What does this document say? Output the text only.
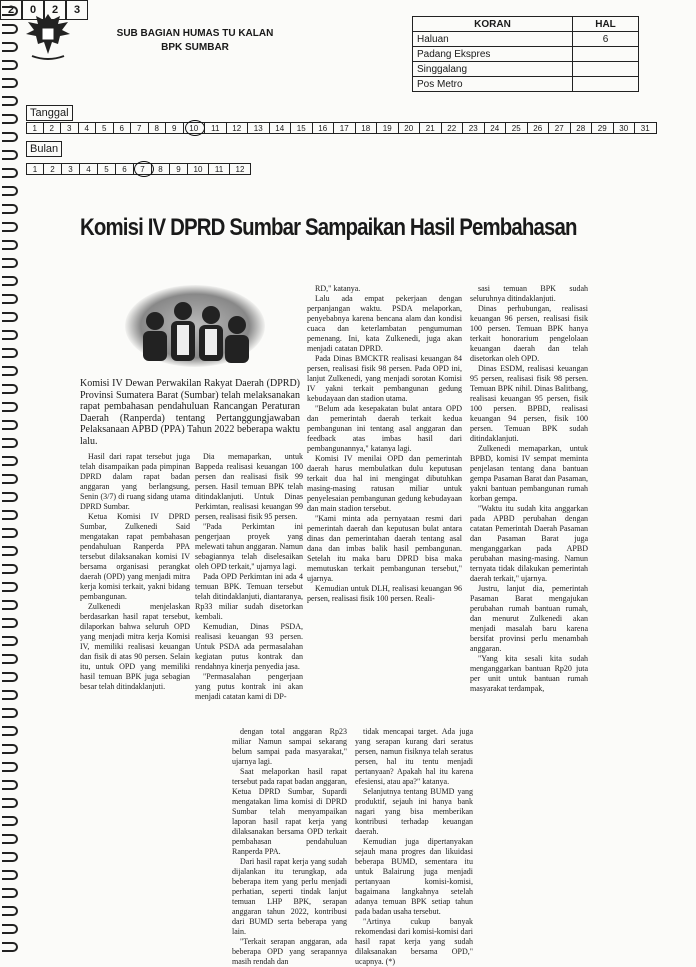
SUB BAGIAN HUMAS TU KALAN
BPK SUMBAR
2	0	2	3
KORAN	HAL
Haluan	6
Padang Ekspres	
Singgalang	
Pos Metro	
Tanggal
1	2	3	4	5	6	7	8	9	10	11	12	13	14	15	16	17	18	19	20	21	22	23	24	25	26	27	28	29	30	31
Bulan
1	2	3	4	5	6	7	8	9	10	11	12
Komisi IV DPRD Sumbar Sampaikan Hasil Pembahasan
Komisi IV Dewan Perwakilan Rakyat Daerah (DPRD) Provinsi Sumatera Barat (Sumbar) telah melaksanakan rapat pembahasan pendahuluan Rancangan Peraturan Daerah (Ranperda) tentang Pertanggungjawaban Pelaksanaan APBD (PPA) Tahun 2022 beberapa waktu lalu.

Hasil dari rapat tersebut juga telah disampaikan pada pimpinan DPRD dalam rapat badan anggaran yang berlangsung, Senin (3/7) di ruang sidang utama DPRD Sumbar.

Ketua Komisi IV DPRD Sumbar, Zulkenedi Said mengatakan rapat pembahasan pendahuluan Ranperda PPA tersebut dilaksanakan komisi IV bersama organisasi perangkat daerah (OPD) yang menjadi mitra kerja komisi terkait, yakni bidang pembangunan.

Zulkenedi menjelaskan berdasarkan hasil rapat tersebut, dilaporkan bahwa seluruh OPD yang menjadi mitra kerja Komisi IV, memiliki realisasi keuangan dan fisik di atas 90 persen. Selain itu, untuk OPD yang memiliki hasil temuan BPK juga sebagian besar telah ditindaklanjuti.

Dia memaparkan, untuk Bappeda realisasi keuangan 100 persen dan realisasi fisik 99 persen. Hasil temuan BPK telah ditindaklanjuti. Untuk Dinas Perkimtan, realisasi keuangan 99 persen, realisasi fisik 95 persen.

"Pada Perkimtan ini pengerjaan proyek yang melewati tahun anggaran. Namun sebagiannya telah diselesaikan oleh OPD terkait," ujarnya lagi.

Pada OPD Perkimtan ini ada 4 temuan BPK. Temuan tersebut telah ditindaklanjuti, diantaranya, Rp33 miliar sudah disetorkan kembali.

Kemudian, Dinas PSDA, realisasi keuangan 93 persen. Untuk PSDA ada permasalahan kegiatan putus kontrak dan rendahnya kinerja penyedia jasa.

"Permasalahan pengerjaan yang putus kontrak ini akan menjadi catatan kami di DP-

RD," katanya.

Lalu ada empat pekerjaan dengan perpanjangan waktu. PSDA melaporkan, penyebabnya karena bencana alam dan kondisi cuaca dan keterlambatan pengumuman pemenang. Ini, kata Zulkenedi, juga akan menjadi catatan DPRD.

Pada Dinas BMCKTR realisasi keuangan 84 persen, realisasi fisik 98 persen. Pada OPD ini, lanjut Zulkenedi, yang menjadi sorotan Komisi IV yakni terkait pembangunan gedung kebudayaan dan stadion utama.

"Belum ada kesepakatan bulat antara OPD dan pemerintah daerah terkait kedua pembangunan ini tentang asal anggaran dan feedback atas imbas hasil dari pembangunannya," katanya lagi.

Komisi IV menilai OPD dan pemerintah daerah harus membulatkan dulu keputusan terkait dua hal ini mengingat dibutuhkan masing-masing ratusan miliar untuk penyelesaian pembangunan gedung kebudayaan dan main stadion tersebut.

"Kami minta ada pernyataan resmi dari pemerintah daerah dan keputusan bulat antara dinas dan pemerintahan daerah tentang asal dana dan imbas balik hasil pembangunan. Setelah itu maka baru DPRD bisa maka memutuskan terkait pembangunan tersebut," ujarnya.

Kemudian untuk DLH, realisasi keuangan 96 persen, realisasi fisik 100 persen. Reali-

sasi temuan BPK sudah seluruhnya ditindaklanjuti.

Dinas perhubungan, realisasi keuangan 96 persen, realisasi fisik 100 persen. Temuan BPK hanya terkait honorarium pengelolaan keuangan daerah dan telah disetorkan oleh OPD.

Dinas ESDM, realisasi keuangan 95 persen, realisasi fisik 98 persen. Temuan BPK nihil. Dinas Balitbang, realisasi keuangan 95 persen, fisik 100 persen. BPBD, realisasi keuangan 94 persen, fisik 100 persen. Temuan BPK sudah ditindaklanjuti.

Zulkenedi memaparkan, untuk BPBD, komisi IV sempat meminta penjelasan tentang dana bantuan gempa Pasaman Barat dan Pasaman, yakni bantuan pembangunan rumah korban gempa.

"Waktu itu sudah kita anggarkan pada APBD perubahan dengan catatan Pemerintah Daerah Pasaman dan Pasaman Barat juga menganggarkan pada APBD perubahan masing-masing. Namun ternyata tidak dilakukan pemerintah daerah terkait," ujarnya.

Justru, lanjut dia, pemerintah Pasaman Barat mengajukan perubahan rumah bantuan rumah, dan menurut Zulkenedi akan menjadi masalah baru karena bersifat provinsi perlu menambah anggaran.

"Yang kita sesali kita sudah menganggarkan bantuan Rp20 juta per unit untuk bantuan rumah masyarakat terdampak,

dengan total anggaran Rp23 miliar Namun sampai sekarang belum sampai pada masyarakat," ujarnya lagi.

Saat melaporkan hasil rapat tersebut pada rapat badan anggaran, Ketua DPRD Sumbar, Supardi mengatakan lima komisi di DPRD Sumbar telah menyampaikan laporan hasil rapat kerja yang dilaksanakan bersama OPD terkait pembahasan pendahuluan Ranperda PPA.

Dari hasil rapat kerja yang sudah dijalankan itu terungkap, ada beberapa item yang perlu menjadi perhatian, seperti tindak lanjut temuan LHP BPK, serapan anggaran tahun 2022, kontribusi dari BUMD serta beberapa yang lain.

"Terkait serapan anggaran, ada beberapa OPD yang serapannya masih rendah dan

tidak mencapai target. Ada juga yang serapan kurang dari seratus persen, namun fisiknya telah seratus persen, hal itu tentu menjadi pertanyaan? Apakah hal itu karena efesiensi, atau apa?" katanya.

Selanjutnya tentang BUMD yang produktif, sejauh ini hanya bank nagari yang bisa memberikan kontribusi terhadap keuangan daerah.

Kemudian juga dipertanyakan sejauh mana progres dan likuidasi beberapa BUMD, sementara itu untuk Balairung juga menjadi pertanyaan komisi-komisi, bagaimana langkahnya setelah adanya temuan BPK setiap tahun pada badan usaha tersebut.

"Artinya cukup banyak rekomendasi dari komisi-komisi dari hasil rapat kerja yang sudah dilaksanakan bersama OPD," ucapnya. (*)
